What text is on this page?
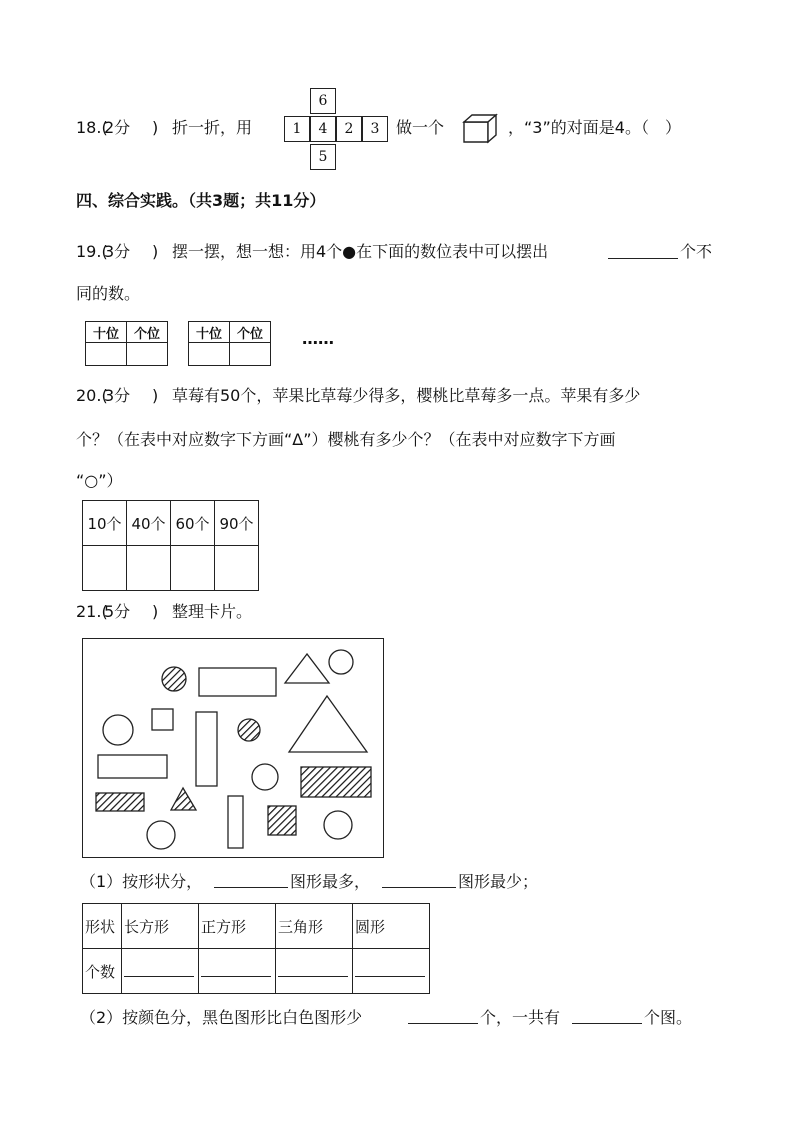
18.(
2分 ) 折一折，用
6
1	4	2	3
5
做一个	，“3”的对面是4。（　）
四、综合实践。（共3题；共11分）
19.(
3分 ) 摆一摆，想一想：用4个●在下面的数位表中可以摆出	个不
同的数。
十位	个位
		十位	个位
	……
20.(
3分 ) 草莓有50个，苹果比草莓少得多，樱桃比草莓多一点。苹果有多少
个？（在表中对应数字下方画“Δ”）樱桃有多少个？（在表中对应数字下方画
“○”）
10个	40个	60个	90个

21.(
5分 ) 整理卡片。
（1）按形状分，	图形最多，	图形最少；
形状	长方形	正方形	三角形	圆形
个数				
（2）按颜色分，黑色图形比白色图形少	个，一共有	个图。
